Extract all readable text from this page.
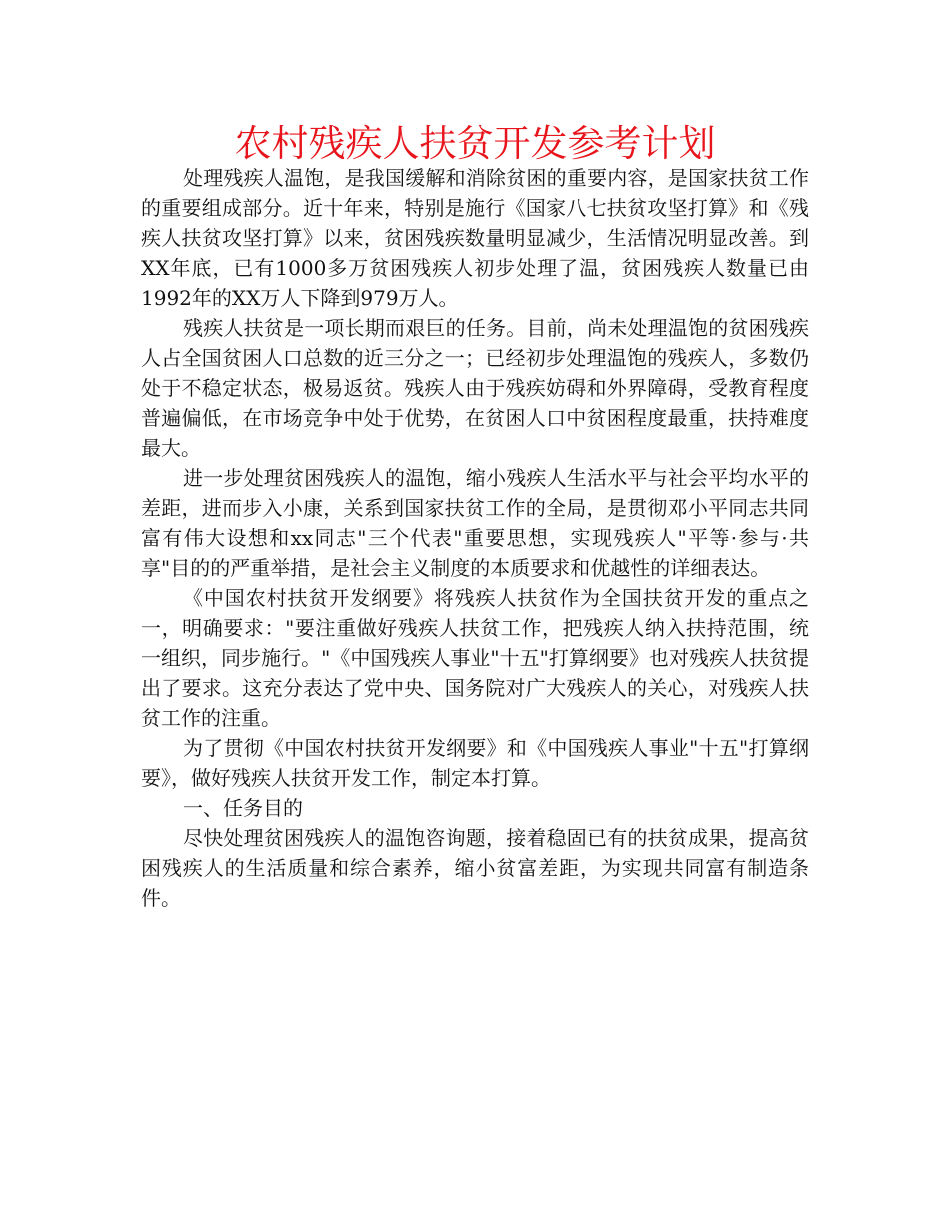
农村残疾人扶贫开发参考计划

处理残疾人温饱，是我国缓解和消除贫困的重要内容，是国家扶贫工作的重要组成部分。近十年来，特别是施行《国家八七扶贫攻坚打算》和《残疾人扶贫攻坚打算》以来，贫困残疾数量明显减少，生活情况明显改善。到XX年底，已有1000多万贫困残疾人初步处理了温，贫困残疾人数量已由1992年的XX万人下降到979万人。

残疾人扶贫是一项长期而艰巨的任务。目前，尚未处理温饱的贫困残疾人占全国贫困人口总数的近三分之一；已经初步处理温饱的残疾人，多数仍处于不稳定状态，极易返贫。残疾人由于残疾妨碍和外界障碍，受教育程度普遍偏低，在市场竞争中处于优势，在贫困人口中贫困程度最重，扶持难度最大。

进一步处理贫困残疾人的温饱，缩小残疾人生活水平与社会平均水平的差距，进而步入小康，关系到国家扶贫工作的全局，是贯彻邓小平同志共同富有伟大设想和xx同志"三个代表"重要思想，实现残疾人"平等·参与·共享"目的的严重举措，是社会主义制度的本质要求和优越性的详细表达。

《中国农村扶贫开发纲要》将残疾人扶贫作为全国扶贫开发的重点之一，明确要求："要注重做好残疾人扶贫工作，把残疾人纳入扶持范围，统一组织，同步施行。"《中国残疾人事业"十五"打算纲要》也对残疾人扶贫提出了要求。这充分表达了党中央、国务院对广大残疾人的关心，对残疾人扶贫工作的注重。

为了贯彻《中国农村扶贫开发纲要》和《中国残疾人事业"十五"打算纲要》，做好残疾人扶贫开发工作，制定本打算。

一、任务目的

尽快处理贫困残疾人的温饱咨询题，接着稳固已有的扶贫成果，提高贫困残疾人的生活质量和综合素养，缩小贫富差距，为实现共同富有制造条件。
